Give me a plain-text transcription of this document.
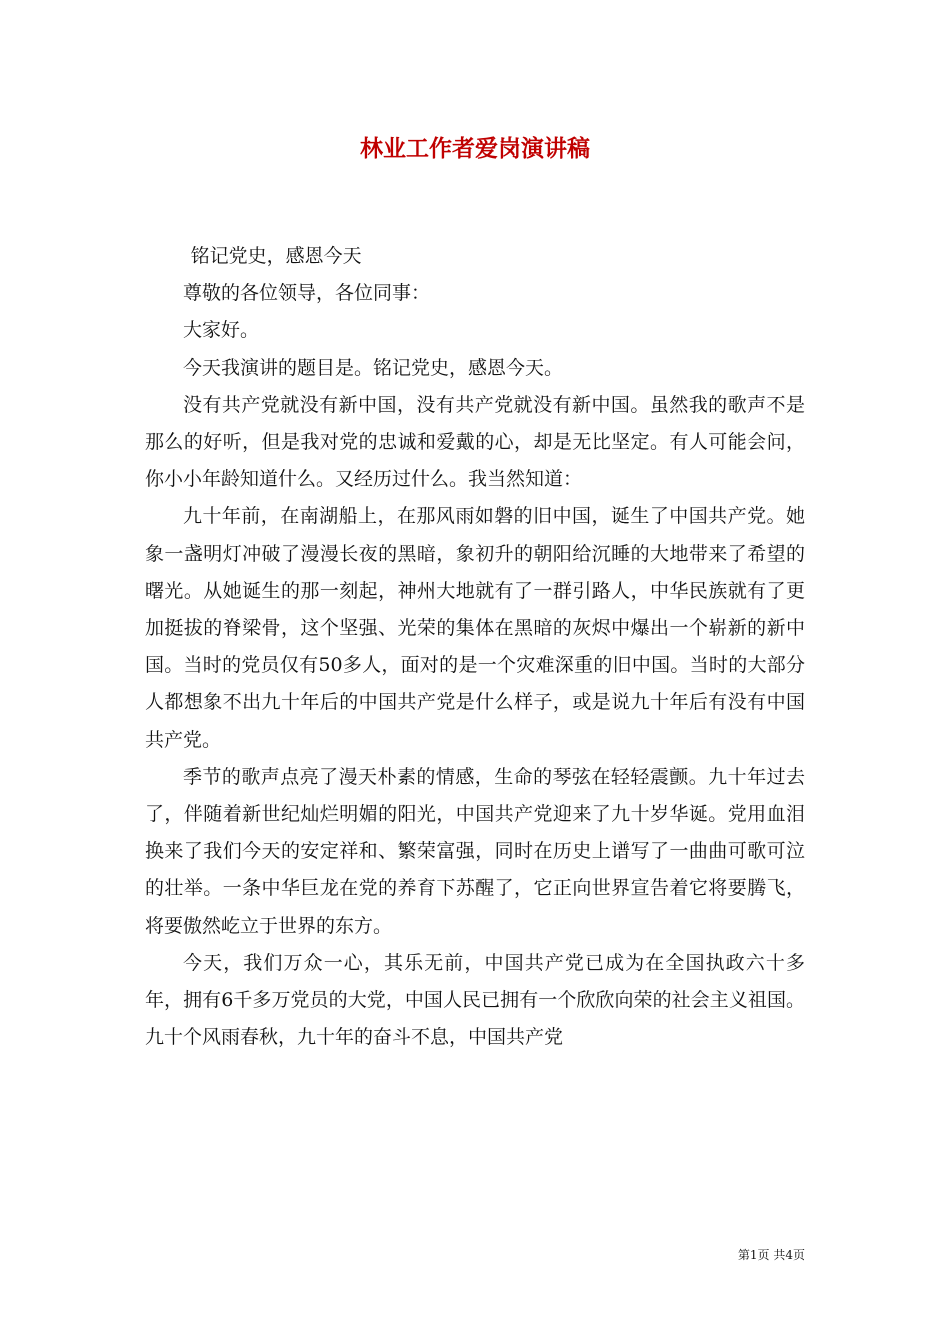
林业工作者爱岗演讲稿

铭记党史，感恩今天

尊敬的各位领导，各位同事：

大家好。

今天我演讲的题目是。铭记党史，感恩今天。

没有共产党就没有新中国，没有共产党就没有新中国。虽然我的歌声不是那么的好听，但是我对党的忠诚和爱戴的心，却是无比坚定。有人可能会问，你小小年龄知道什么。又经历过什么。我当然知道：

九十年前，在南湖船上，在那风雨如磐的旧中国，诞生了中国共产党。她象一盏明灯冲破了漫漫长夜的黑暗，象初升的朝阳给沉睡的大地带来了希望的曙光。从她诞生的那一刻起，神州大地就有了一群引路人，中华民族就有了更加挺拔的脊梁骨，这个坚强、光荣的集体在黑暗的灰烬中爆出一个崭新的新中国。当时的党员仅有50多人，面对的是一个灾难深重的旧中国。当时的大部分人都想象不出九十年后的中国共产党是什么样子，或是说九十年后有没有中国共产党。

季节的歌声点亮了漫天朴素的情感，生命的琴弦在轻轻震颤。九十年过去了，伴随着新世纪灿烂明媚的阳光，中国共产党迎来了九十岁华诞。党用血泪换来了我们今天的安定祥和、繁荣富强，同时在历史上谱写了一曲曲可歌可泣的壮举。一条中华巨龙在党的养育下苏醒了，它正向世界宣告着它将要腾飞，将要傲然屹立于世界的东方。

今天，我们万众一心，其乐无前，中国共产党已成为在全国执政六十多年，拥有6千多万党员的大党，中国人民已拥有一个欣欣向荣的社会主义祖国。九十个风雨春秋，九十年的奋斗不息，中国共产党

第1页 共4页
